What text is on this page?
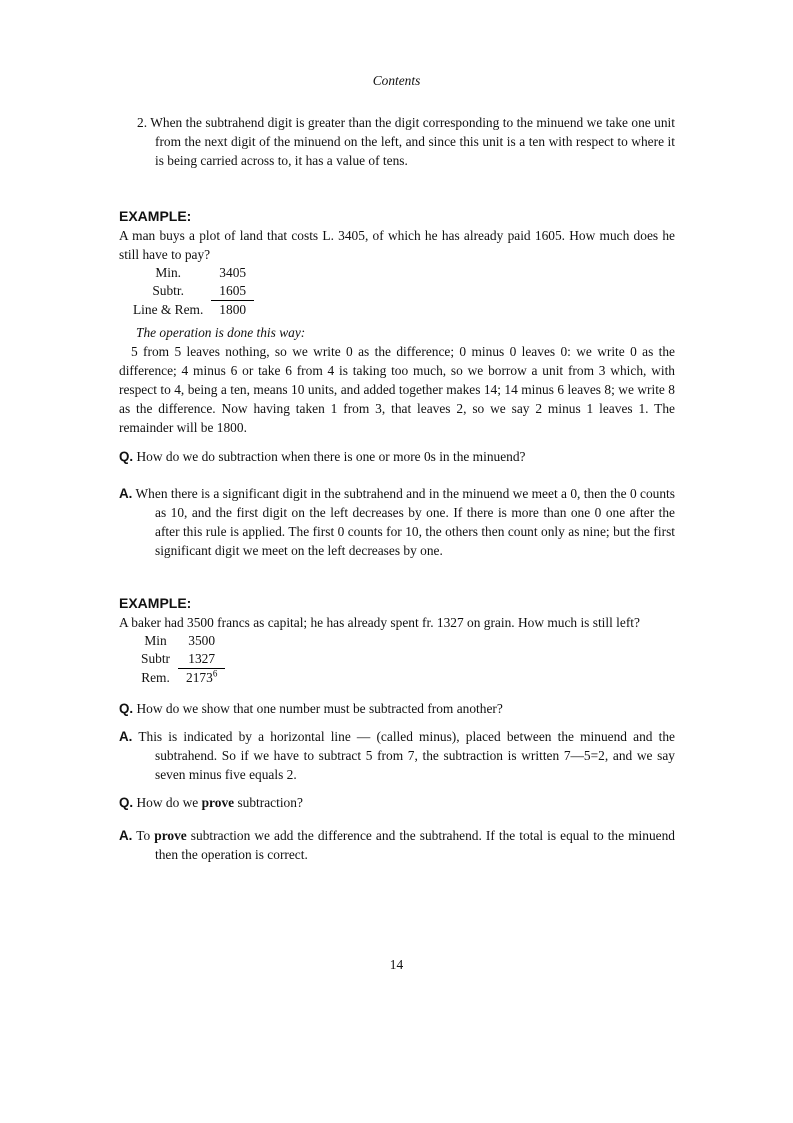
Contents
2. When the subtrahend digit is greater than the digit corresponding to the minuend we take one unit from the next digit of the minuend on the left, and since this unit is a ten with respect to where it is being carried across to, it has a value of tens.
EXAMPLE:
A man buys a plot of land that costs L. 3405, of which he has already paid 1605. How much does he still have to pay?
Min.	3405
Subtr.	1605
Line & Rem.	1800
The operation is done this way:
5 from 5 leaves nothing, so we write 0 as the difference; 0 minus 0 leaves 0: we write 0 as the difference; 4 minus 6 or take 6 from 4 is taking too much, so we borrow a unit from 3 which, with respect to 4, being a ten, means 10 units, and added together makes 14; 14 minus 6 leaves 8; we write 8 as the difference. Now having taken 1 from 3, that leaves 2, so we say 2 minus 1 leaves 1. The remainder will be 1800.
Q. How do we do subtraction when there is one or more 0s in the minuend?
A. When there is a significant digit in the subtrahend and in the minuend we meet a 0, then the 0 counts as 10, and the first digit on the left decreases by one. If there is more than one 0 one after the after this rule is applied. The first 0 counts for 10, the others then count only as nine; but the first significant digit we meet on the left decreases by one.
EXAMPLE:
A baker had 3500 francs as capital; he has already spent fr. 1327 on grain. How much is still left?
Min	3500
Subtr	1327
Rem.	2173$^6$
Q. How do we show that one number must be subtracted from another?
A. This is indicated by a horizontal line — (called minus), placed between the minuend and the subtrahend. So if we have to subtract 5 from 7, the subtraction is written 7—5=2, and we say seven minus five equals 2.
Q. How do we prove subtraction?
A. To prove subtraction we add the difference and the subtrahend. If the total is equal to the minuend then the operation is correct.
14
